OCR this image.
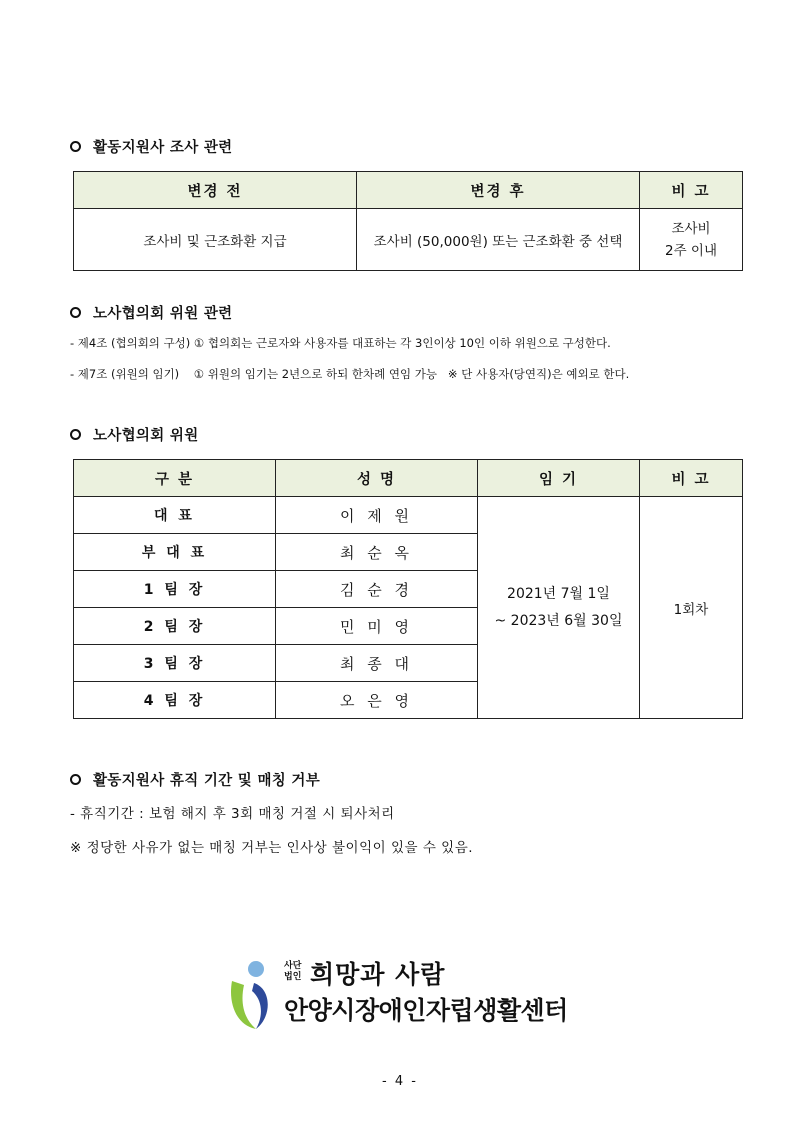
활동지원사 조사 관련
변경 전	변경 후	비 고
조사비 및 근조화환 지급	조사비 (50,000원) 또는 근조화환 중 선택	조사비
2주 이내
노사협의회 위원 관련
- 제4조 (협의회의 구성) ① 협의회는 근로자와 사용자를 대표하는 각 3인이상 10인 이하 위원으로 구성한다.
- 제7조 (위원의 임기)    ① 위원의 임기는 2년으로 하되 한차례 연임 가능   ※ 단 사용자(당연직)은 예외로 한다.
노사협의회 위원
구 분	성 명	임 기	비 고
대 표	이 제 원	2021년 7월 1일
~ 2023년 6월 30일	1회차
부 대 표	최 순 옥		
1 팀 장	김 순 경		
2 팀 장	민 미 영		
3 팀 장	최 종 대		
4 팀 장	오 은 영		
활동지원사 휴직 기간 및 매칭 거부
- 휴직기간 : 보험 해지 후 3회 매칭 거절 시 퇴사처리
※ 정당한 사유가 없는 매칭 거부는 인사상 불이익이 있을 수 있음.
사단
법인 희망과 사람
안양시장애인자립생활센터
- 4 -
